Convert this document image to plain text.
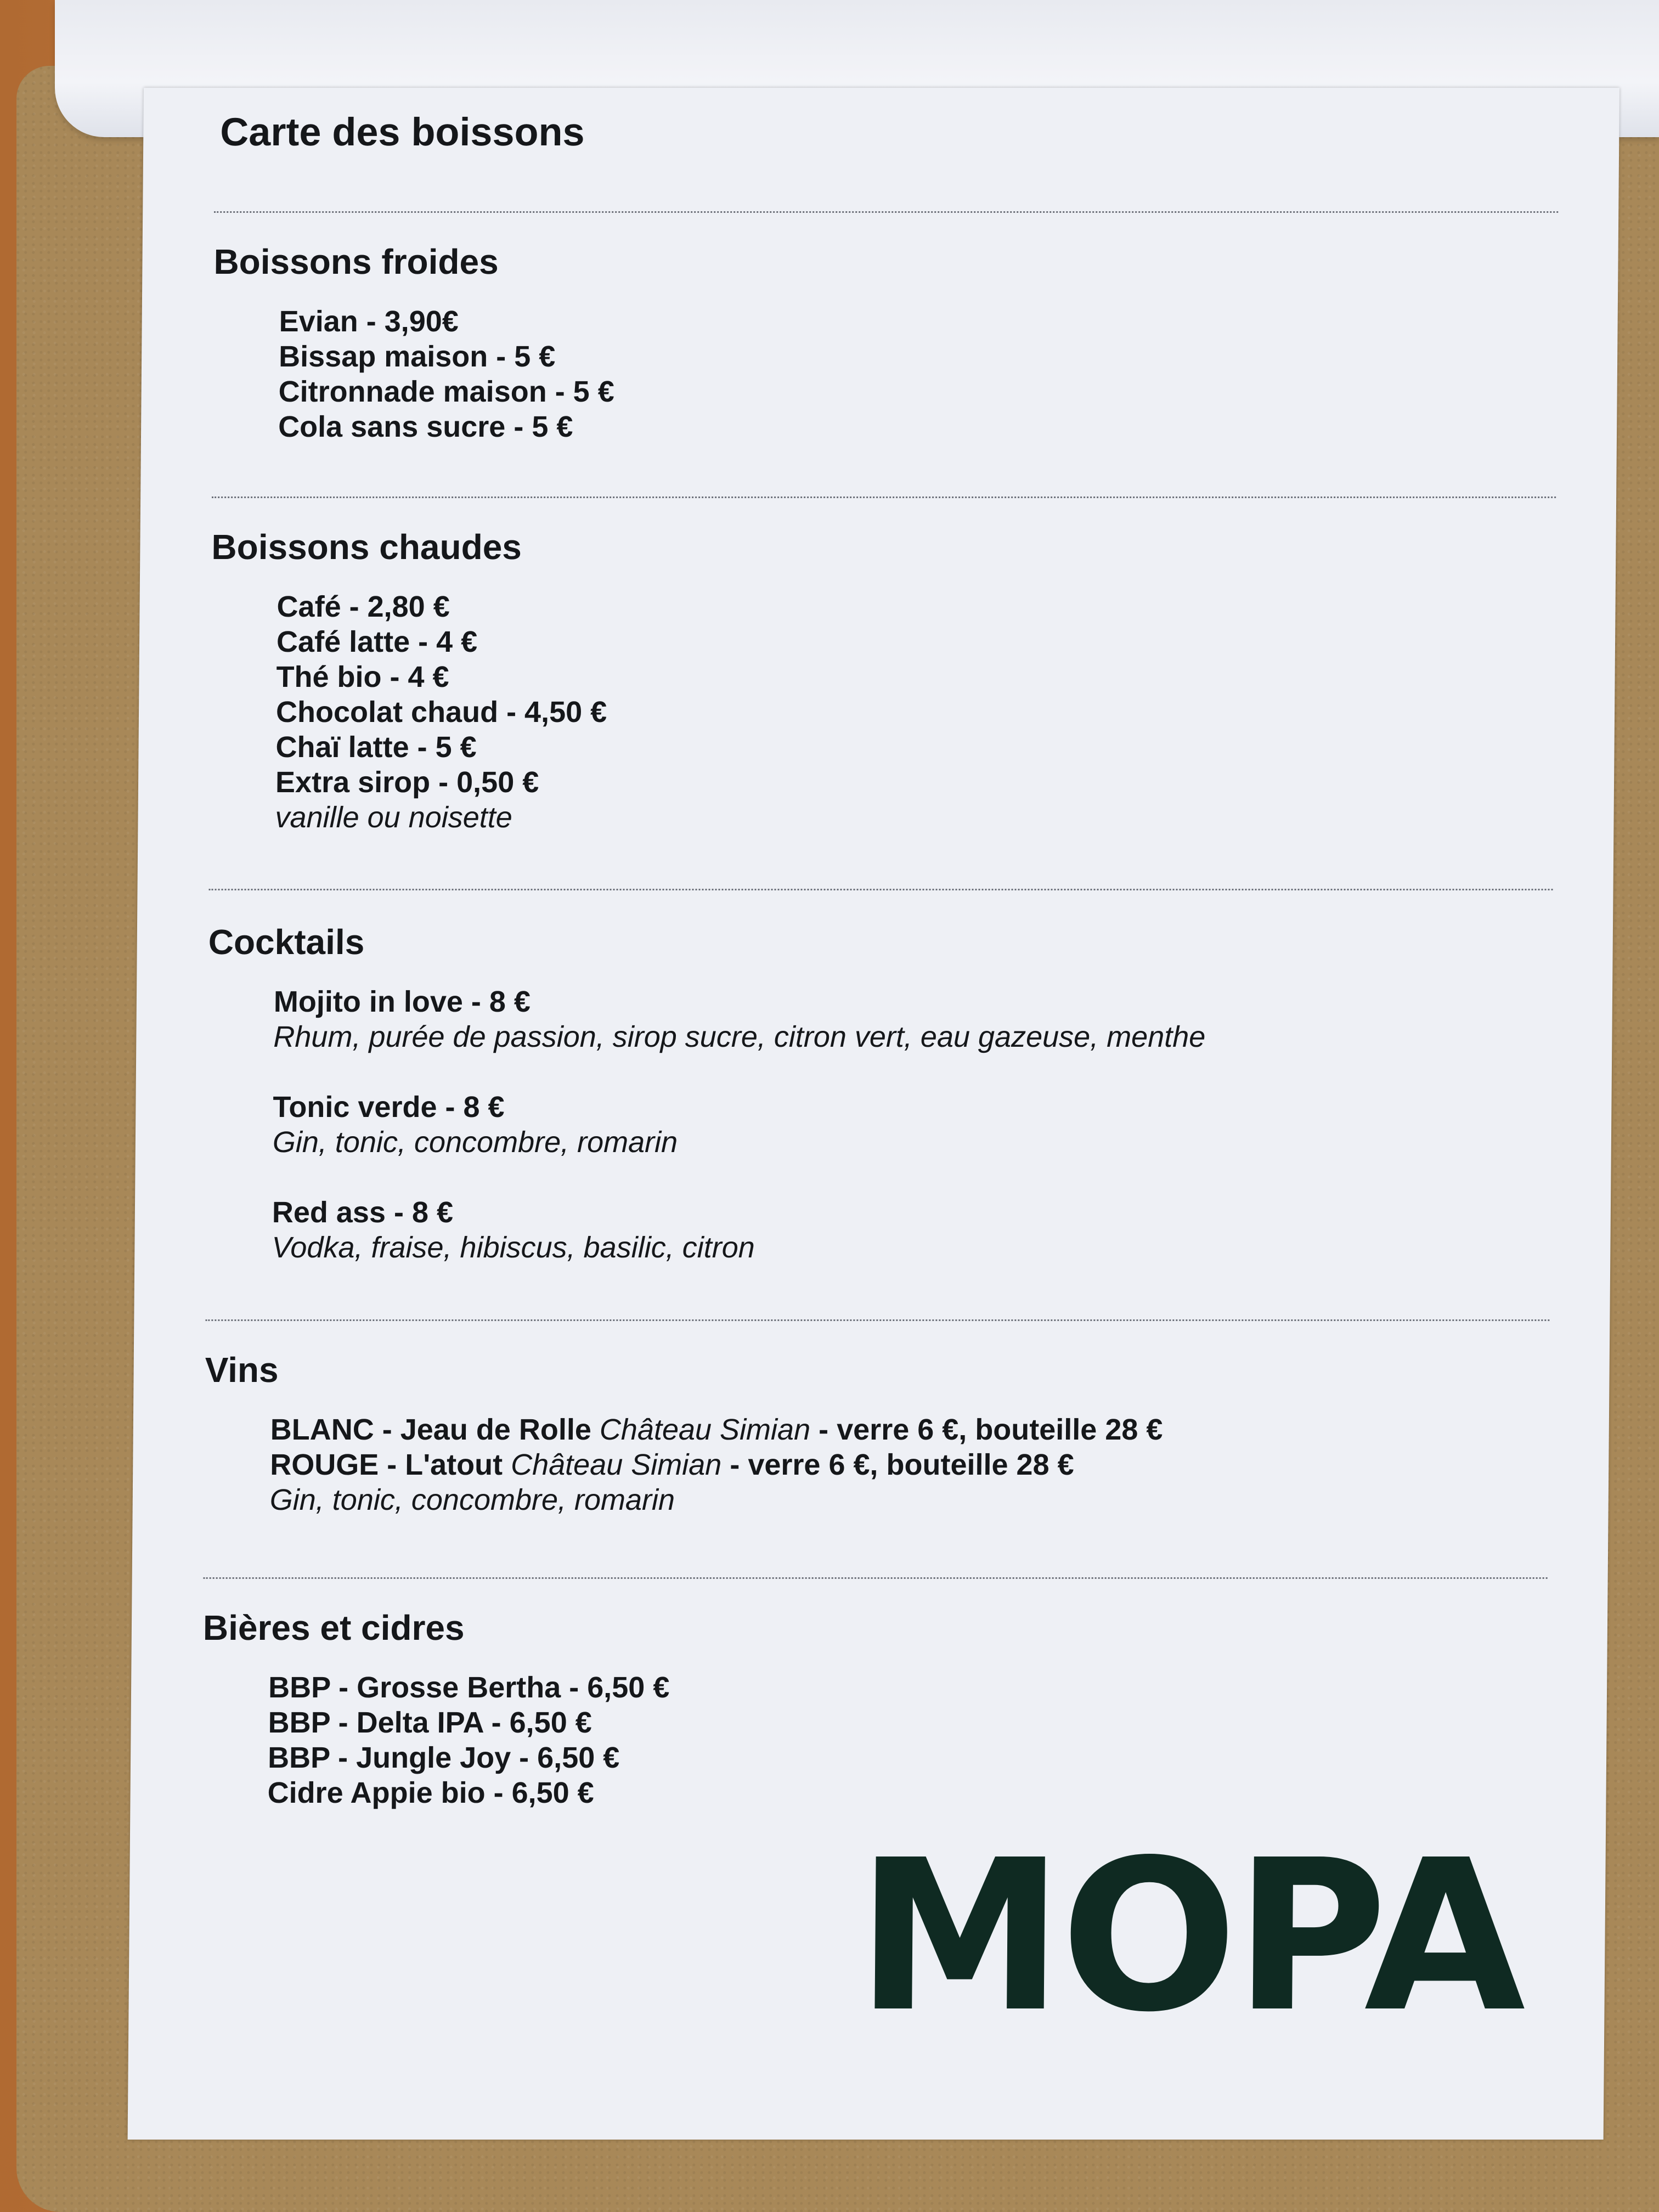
Carte des boissons
Boissons froides
Evian - 3,90€
Bissap maison - 5 €
Citronnade maison - 5 €
Cola sans sucre - 5 €
Boissons chaudes
Café - 2,80 €
Café latte - 4 €
Thé bio - 4 €
Chocolat chaud - 4,50 €
Chaï latte - 5 €
Extra sirop - 0,50 €
vanille ou noisette
Cocktails
Mojito in love - 8 €
Rhum, purée de passion, sirop sucre, citron vert, eau gazeuse, menthe
Tonic verde - 8 €
Gin, tonic, concombre, romarin
Red ass - 8 €
Vodka, fraise, hibiscus, basilic, citron
Vins
BLANC - Jeau de Rolle Château Simian - verre 6 €, bouteille 28 €
ROUGE - L'atout Château Simian - verre 6 €, bouteille 28 €
Gin, tonic, concombre, romarin
Bières et cidres
BBP - Grosse Bertha - 6,50 €
BBP - Delta IPA - 6,50 €
BBP - Jungle Joy - 6,50 €
Cidre Appie bio - 6,50 €
MOPA
